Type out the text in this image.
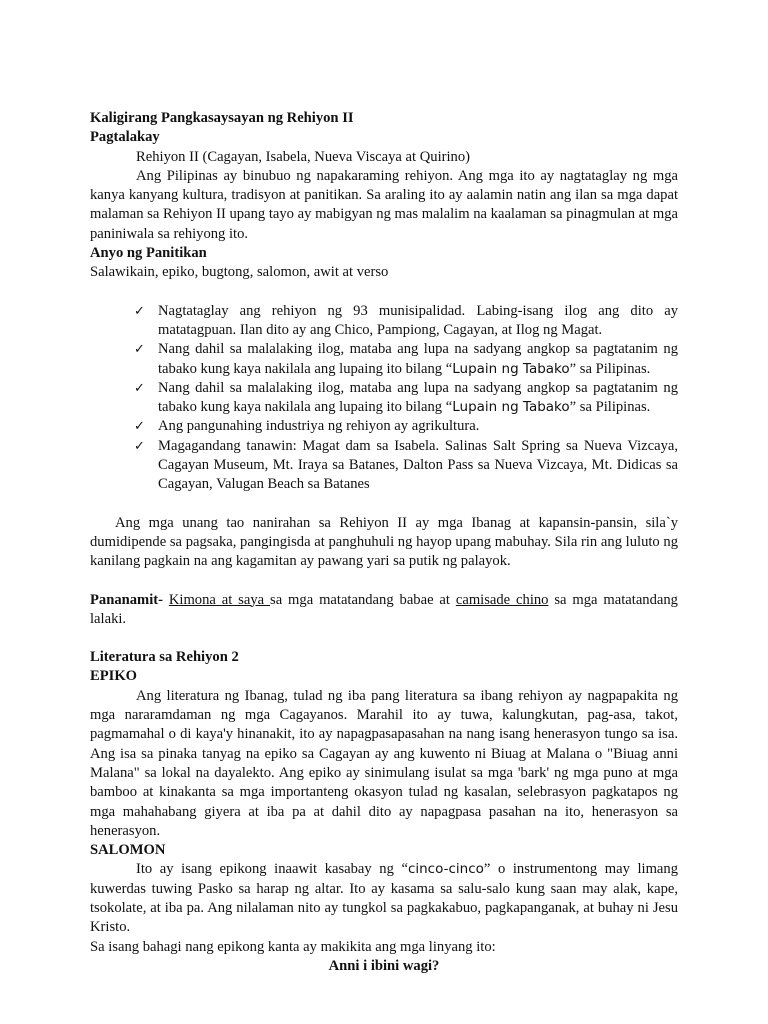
Kaligirang Pangkasaysayan ng Rehiyon II
Pagtalakay
Rehiyon II (Cagayan, Isabela, Nueva Viscaya at Quirino)
Ang Pilipinas ay binubuo ng napakaraming rehiyon. Ang mga ito ay nagtataglay ng mga kanya kanyang kultura, tradisyon at panitikan. Sa araling ito ay aalamin natin ang ilan sa mga dapat malaman sa Rehiyon II upang tayo ay mabigyan ng mas malalim na kaalaman sa pinagmulan at mga paniniwala sa rehiyong ito.
Anyo ng Panitikan
Salawikain, epiko, bugtong, salomon, awit at verso
✓ Nagtataglay ang rehiyon ng 93 munisipalidad. Labing-isang ilog ang dito ay matatagpuan. Ilan dito ay ang Chico, Pampiong, Cagayan, at Ilog ng Magat.
✓ Nang dahil sa malalaking ilog, mataba ang lupa na sadyang angkop sa pagtatanim ng tabako kung kaya nakilala ang lupaing ito bilang “Lupain ng Tabako” sa Pilipinas.
✓ Nang dahil sa malalaking ilog, mataba ang lupa na sadyang angkop sa pagtatanim ng tabako kung kaya nakilala ang lupaing ito bilang “Lupain ng Tabako” sa Pilipinas.
✓ Ang pangunahing industriya ng rehiyon ay agrikultura.
✓ Magagandang tanawin: Magat dam sa Isabela. Salinas Salt Spring sa Nueva Vizcaya, Cagayan Museum, Mt. Iraya sa Batanes, Dalton Pass sa Nueva Vizcaya, Mt. Didicas sa Cagayan, Valugan Beach sa Batanes
Ang mga unang tao nanirahan sa Rehiyon II ay mga Ibanag at kapansin-pansin, sila`y dumidipende sa pagsaka, pangingisda at panghuhuli ng hayop upang mabuhay. Sila rin ang luluto ng kanilang pagkain na ang kagamitan ay pawang yari sa putik ng palayok.
Pananamit- Kimona at saya sa mga matatandang babae at camisade chino sa mga matatandang lalaki.
Literatura sa Rehiyon 2
EPIKO
Ang literatura ng Ibanag, tulad ng iba pang literatura sa ibang rehiyon ay nagpapakita ng mga nararamdaman ng mga Cagayanos. Marahil ito ay tuwa, kalungkutan, pag-asa, takot, pagmamahal o di kaya'y hinanakit, ito ay napagpasapasahan na nang isang henerasyon tungo sa isa. Ang isa sa pinaka tanyag na epiko sa Cagayan ay ang kuwento ni Biuag at Malana o "Biuag anni Malana" sa lokal na dayalekto. Ang epiko ay sinimulang isulat sa mga 'bark' ng mga puno at mga bamboo at kinakanta sa mga importanteng okasyon tulad ng kasalan, selebrasyon pagkatapos ng mga mahahabang giyera at iba pa at dahil dito ay napagpasa pasahan na ito, henerasyon sa henerasyon.
SALOMON
Ito ay isang epikong inaawit kasabay ng “cinco-cinco” o instrumentong may limang kuwerdas tuwing Pasko sa harap ng altar. Ito ay kasama sa salu-salo kung saan may alak, kape, tsokolate, at iba pa. Ang nilalaman nito ay tungkol sa pagkakabuo, pagkapanganak, at buhay ni Jesu Kristo.
Sa isang bahagi nang epikong kanta ay makikita ang mga linyang ito:
Anni i ibini wagi?
